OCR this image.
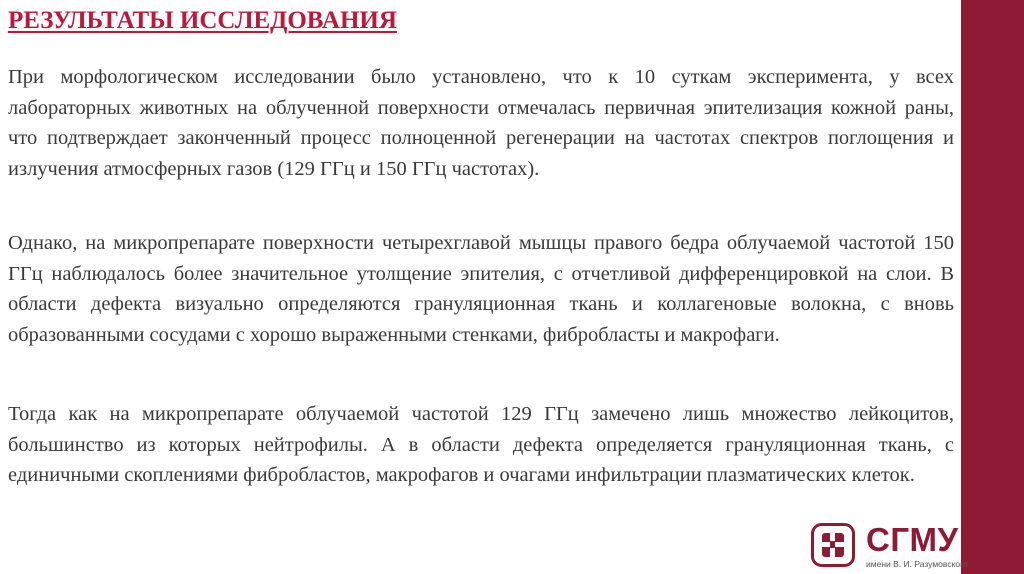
РЕЗУЛЬТАТЫ ИССЛЕДОВАНИЯ
При морфологическом исследовании было установлено, что к 10 суткам эксперимента, у всех лабораторных животных на облученной поверхности отмечалась первичная эпителизация кожной раны, что подтверждает законченный процесс полноценной регенерации на частотах спектров поглощения и излучения атмосферных газов (129 ГГц и 150 ГГц частотах).
Однако, на микропрепарате поверхности четырехглавой мышцы правого бедра облучаемой частотой 150 ГГц наблюдалось более значительное утолщение эпителия, с отчетливой дифференцировкой на слои. В области дефекта визуально определяются грануляционная ткань и коллагеновые волокна, с вновь образованными сосудами с хорошо выраженными стенками, фибробласты и макрофаги.
Тогда как на микропрепарате облучаемой частотой 129 ГГц замечено лишь множество лейкоцитов, большинство из которых нейтрофилы. А в области дефекта определяется грануляционная ткань, с единичными скоплениями фибробластов, макрофагов и очагами инфильтрации плазматических клеток.
СГМУ
имени В. И. Разумовского
